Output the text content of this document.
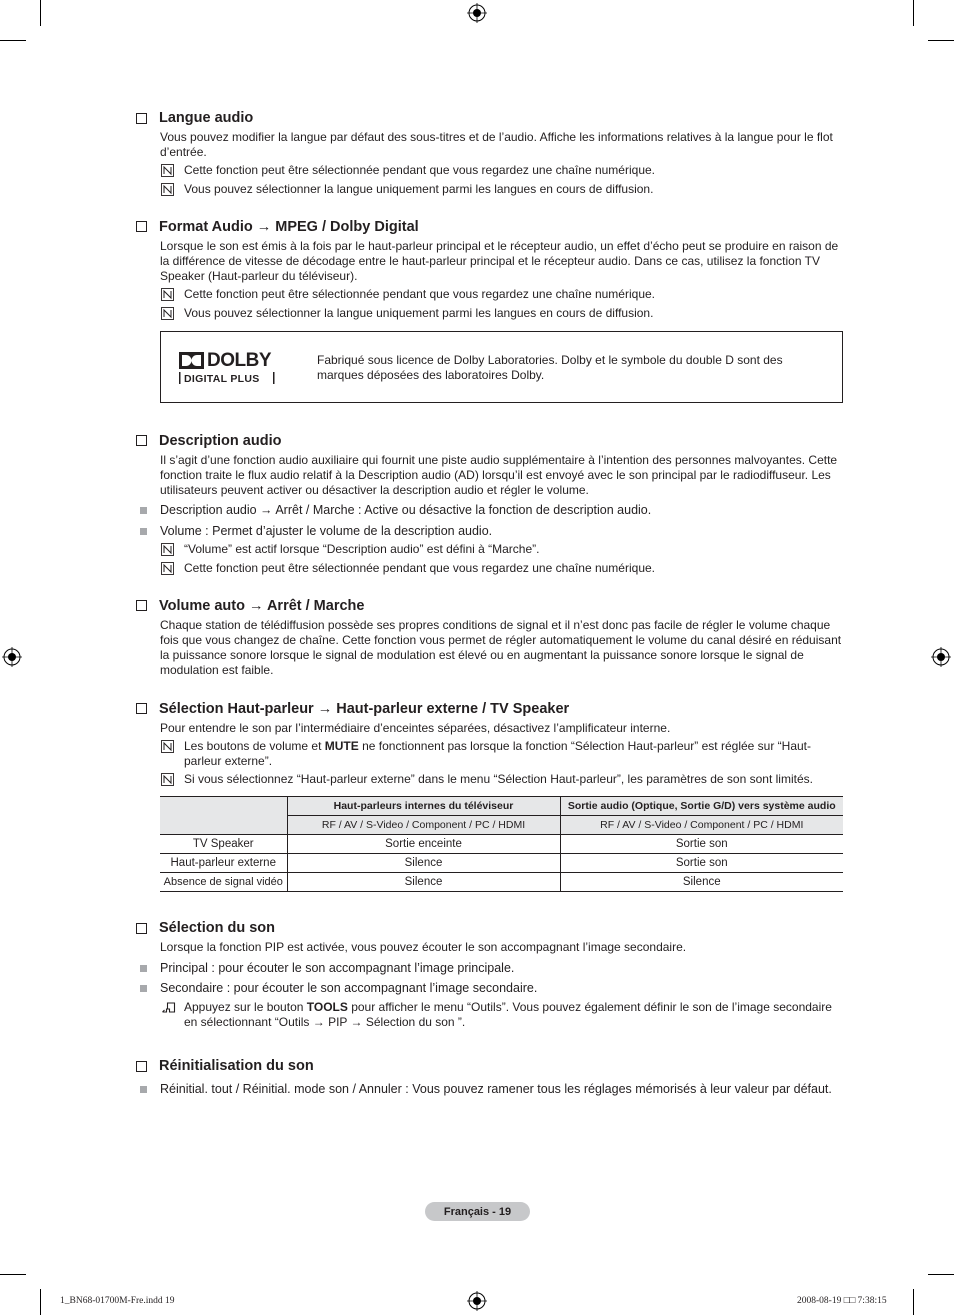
Langue audio
Vous pouvez modifier la langue par défaut des sous-titres et de l’audio. Affiche les informations relatives à la langue pour le flot d’entrée.
Cette fonction peut être sélectionnée pendant que vous regardez une chaîne numérique.
Vous pouvez sélectionner la langue uniquement parmi les langues en cours de diffusion.
Format Audio → MPEG / Dolby Digital
Lorsque le son est émis à la fois par le haut-parleur principal et le récepteur audio, un effet d’écho peut se produire en raison de la différence de vitesse de décodage entre le haut-parleur principal et le récepteur audio. Dans ce cas, utilisez la fonction TV Speaker (Haut-parleur du téléviseur).
Cette fonction peut être sélectionnée pendant que vous regardez une chaîne numérique.
Vous pouvez sélectionner la langue uniquement parmi les langues en cours de diffusion.
DOLBY
DIGITAL PLUS
Fabriqué sous licence de Dolby Laboratories. Dolby et le symbole du double D sont des marques déposées des laboratoires Dolby.
Description audio
Il s’agit d’une fonction audio auxiliaire qui fournit une piste audio supplémentaire à l’intention des personnes malvoyantes. Cette fonction traite le flux audio relatif à la Description audio (AD) lorsqu’il est envoyé avec le son principal par le radiodiffuseur. Les utilisateurs peuvent activer ou désactiver la description audio et régler le volume.
Description audio → Arrêt / Marche : Active ou désactive la fonction de description audio.
Volume : Permet d’ajuster le volume de la description audio.
“Volume” est actif lorsque “Description audio” est défini à “Marche”.
Cette fonction peut être sélectionnée pendant que vous regardez une chaîne numérique.
Volume auto → Arrêt / Marche
Chaque station de télédiffusion possède ses propres conditions de signal et il n’est donc pas facile de régler le volume chaque fois que vous changez de chaîne. Cette fonction vous permet de régler automatiquement le volume du canal désiré en réduisant la puissance sonore lorsque le signal de modulation est élevé ou en augmentant la puissance sonore lorsque le signal de modulation est faible.
Sélection Haut-parleur → Haut-parleur externe / TV Speaker
Pour entendre le son par l’intermédiaire d’enceintes séparées, désactivez l’amplificateur interne.
Les boutons de volume et MUTE ne fonctionnent pas lorsque la fonction “Sélection Haut-parleur” est réglée sur “Haut-parleur externe”.
Si vous sélectionnez “Haut-parleur externe” dans le menu “Sélection Haut-parleur”, les paramètres de son sont limités.
	Haut-parleurs internes du téléviseur	Sortie audio (Optique, Sortie G/D) vers système audio
	RF / AV / S-Video / Component / PC / HDMI	RF / AV / S-Video / Component / PC / HDMI
TV Speaker	Sortie enceinte	Sortie son
Haut-parleur externe	Silence	Sortie son
Absence de signal vidéo	Silence	Silence
Sélection du son
Lorsque la fonction PIP est activée, vous pouvez écouter le son accompagnant l’image secondaire.
Principal : pour écouter le son accompagnant l’image principale.
Secondaire : pour écouter le son accompagnant l’image secondaire.
Appuyez sur le bouton TOOLS pour afficher le menu “Outils”. Vous pouvez également définir le son de l’image secondaire en sélectionnant “Outils → PIP → Sélection du son ”.
Réinitialisation du son
Réinitial. tout / Réinitial. mode son / Annuler : Vous pouvez ramener tous les réglages mémorisés à leur valeur par défaut.
Français - 19
1_BN68-01700M-Fre.indd 19	2008-08-19 □□ 7:38:15
